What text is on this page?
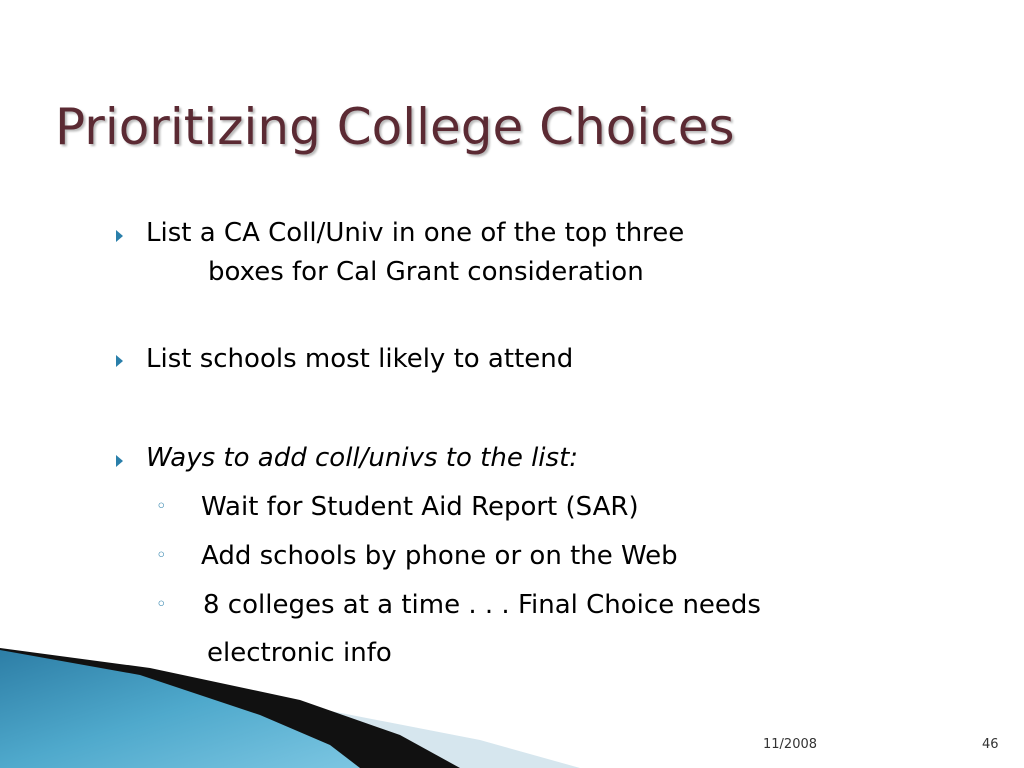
Prioritizing College Choices
List a CA Coll/Univ in one of the top three
boxes for Cal Grant consideration
List schools most likely to attend
Ways to add coll/univs to the list:
◦ Wait for Student Aid Report (SAR)
◦ Add schools by phone or on the Web
◦ 8 colleges at a time . . . Final Choice needs
electronic info
11/2008	46
